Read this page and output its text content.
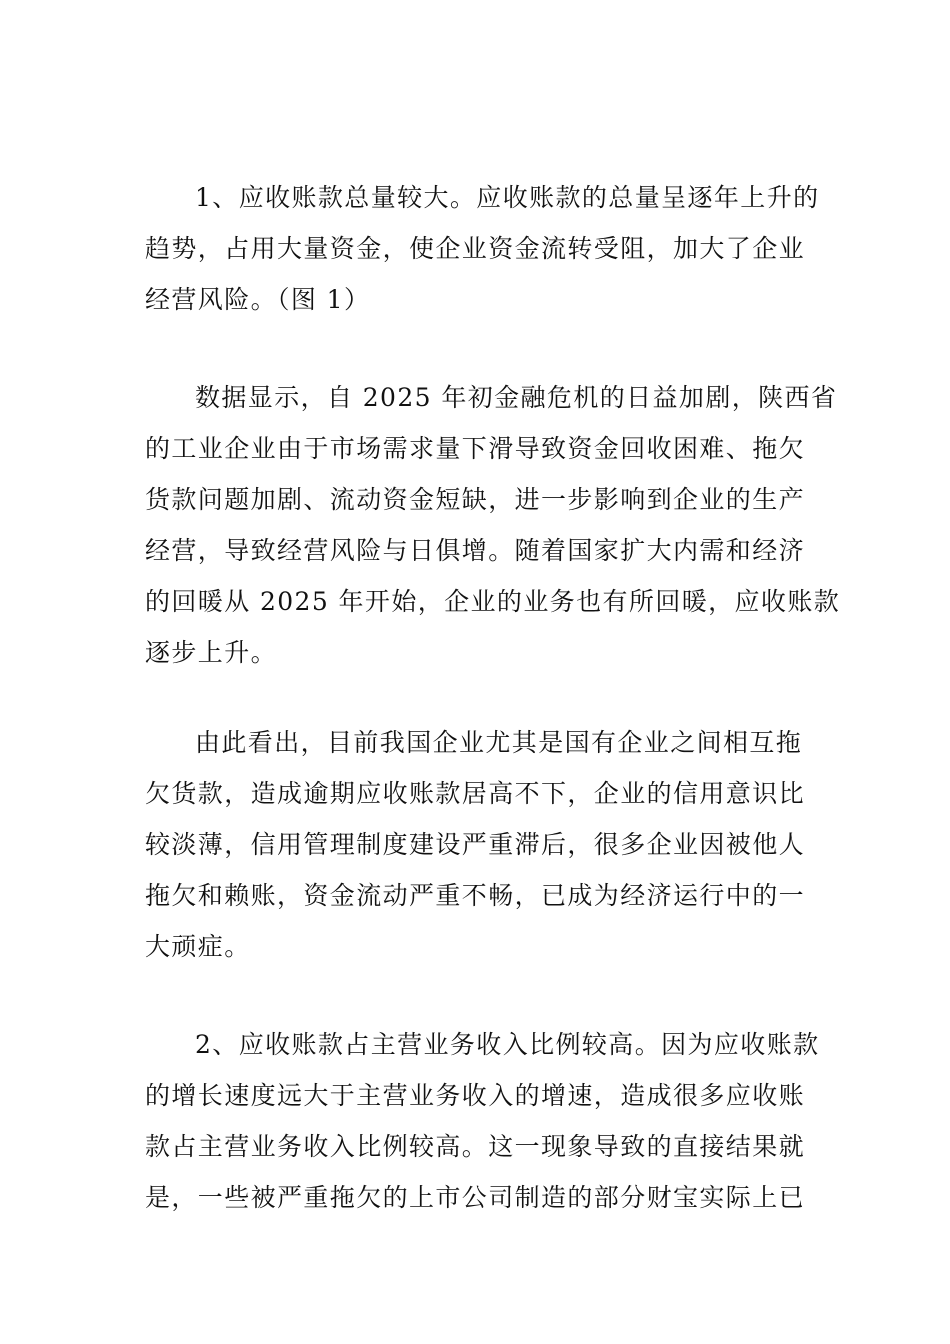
1、应收账款总量较大。应收账款的总量呈逐年上升的
趋势，占用大量资金，使企业资金流转受阻，加大了企业
经营风险。（图 1）
数据显示，自 2025 年初金融危机的日益加剧，陕西省
的工业企业由于市场需求量下滑导致资金回收困难、拖欠
货款问题加剧、流动资金短缺，进一步影响到企业的生产
经营，导致经营风险与日俱增。随着国家扩大内需和经济
的回暖从 2025 年开始，企业的业务也有所回暖，应收账款
逐步上升。
由此看出，目前我国企业尤其是国有企业之间相互拖
欠货款，造成逾期应收账款居高不下，企业的信用意识比
较淡薄，信用管理制度建设严重滞后，很多企业因被他人
拖欠和赖账，资金流动严重不畅，已成为经济运行中的一
大顽症。
2、应收账款占主营业务收入比例较高。因为应收账款
的增长速度远大于主营业务收入的增速，造成很多应收账
款占主营业务收入比例较高。这一现象导致的直接结果就
是，一些被严重拖欠的上市公司制造的部分财宝实际上已
